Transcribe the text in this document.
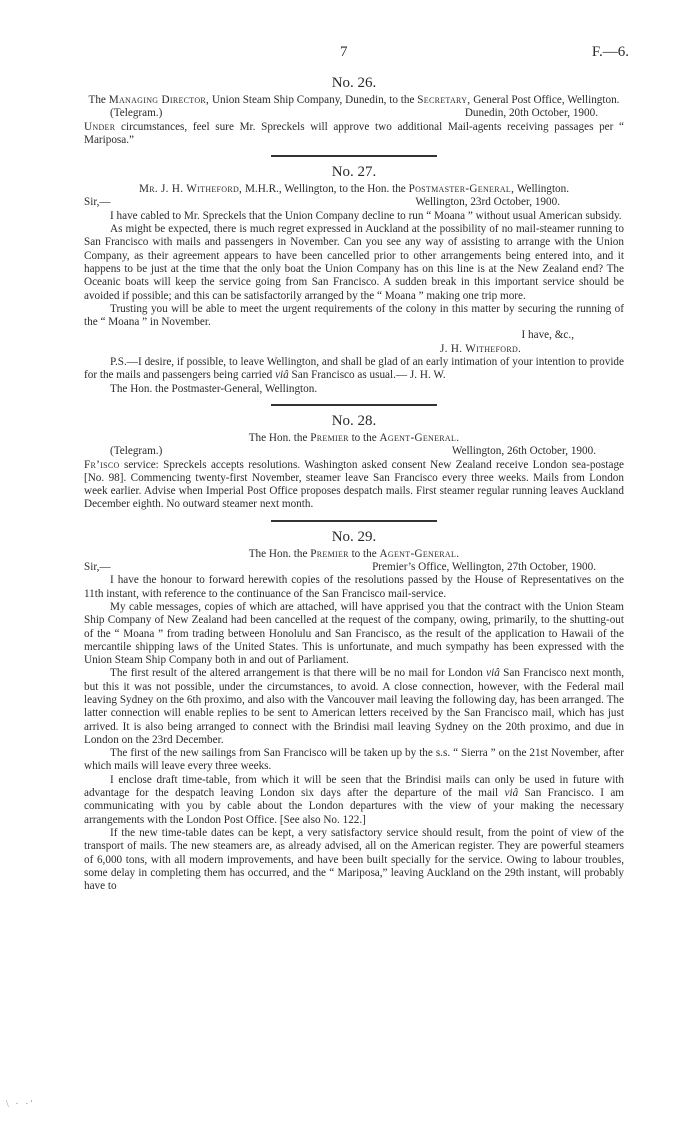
7	F.—6.
No. 26.

The Managing Director, Union Steam Ship Company, Dunedin, to the Secretary, General Post Office, Wellington.

(Telegram.)	Dunedin, 20th October, 1900.

Under circumstances, feel sure Mr. Spreckels will approve two additional Mail-agents receiving passages per “ Mariposa.”

No. 27.

Mr. J. H. Witheford, M.H.R., Wellington, to the Hon. the Postmaster-General, Wellington.

Sir,—	Wellington, 23rd October, 1900.

I have cabled to Mr. Spreckels that the Union Company decline to run “ Moana ” without usual American subsidy.

As might be expected, there is much regret expressed in Auckland at the possibility of no mail-steamer running to San Francisco with mails and passengers in November. Can you see any way of assisting to arrange with the Union Company, as their agreement appears to have been cancelled prior to other arrangements being entered into, and it happens to be just at the time that the only boat the Union Company has on this line is at the New Zealand end? The Oceanic boats will keep the service going from San Francisco. A sudden break in this important service should be avoided if possible; and this can be satisfactorily arranged by the “ Moana ” making one trip more.

Trusting you will be able to meet the urgent requirements of the colony in this matter by securing the running of the “ Moana ” in November.

I have, &c.,

J. H. Witheford.

P.S.—I desire, if possible, to leave Wellington, and shall be glad of an early intimation of your intention to provide for the mails and passengers being carried viâ San Francisco as usual.— J. H. W.

The Hon. the Postmaster-General, Wellington.

No. 28.

The Hon. the Premier to the Agent-General.

(Telegram.)	Wellington, 26th October, 1900.

Fr’isco service: Spreckels accepts resolutions. Washington asked consent New Zealand receive London sea-postage [No. 98]. Commencing twenty-first November, steamer leave San Francisco every three weeks. Mails from London week earlier. Advise when Imperial Post Office proposes despatch mails. First steamer regular running leaves Auckland December eighth. No outward steamer next month.

No. 29.

The Hon. the Premier to the Agent-General.

Sir,—	Premier’s Office, Wellington, 27th October, 1900.

I have the honour to forward herewith copies of the resolutions passed by the House of Representatives on the 11th instant, with reference to the continuance of the San Francisco mail-service.

My cable messages, copies of which are attached, will have apprised you that the contract with the Union Steam Ship Company of New Zealand had been cancelled at the request of the company, owing, primarily, to the shutting-out of the “ Moana ” from trading between Honolulu and San Francisco, as the result of the application to Hawaii of the mercantile shipping laws of the United States. This is unfortunate, and much sympathy has been expressed with the Union Steam Ship Company both in and out of Parliament.

The first result of the altered arrangement is that there will be no mail for London viâ San Francisco next month, but this it was not possible, under the circumstances, to avoid. A close connection, however, with the Federal mail leaving Sydney on the 6th proximo, and also with the Vancouver mail leaving the following day, has been arranged. The latter connection will enable replies to be sent to American letters received by the San Francisco mail, which has just arrived. It is also being arranged to connect with the Brindisi mail leaving Sydney on the 20th proximo, and due in London on the 23rd December.

The first of the new sailings from San Francisco will be taken up by the s.s. “ Sierra ” on the 21st November, after which mails will leave every three weeks.

I enclose draft time-table, from which it will be seen that the Brindisi mails can only be used in future with advantage for the despatch leaving London six days after the departure of the mail viâ San Francisco. I am communicating with you by cable about the London departures with the view of your making the necessary arrangements with the London Post Office. [See also No. 122.]

If the new time-table dates can be kept, a very satisfactory service should result, from the point of view of the transport of mails. The new steamers are, as already advised, all on the American register. They are powerful steamers of 6,000 tons, with all modern improvements, and have been built specially for the service. Owing to labour troubles, some delay in completing them has occurred, and the “ Mariposa,” leaving Auckland on the 29th instant, will probably have to

\ · ·'
